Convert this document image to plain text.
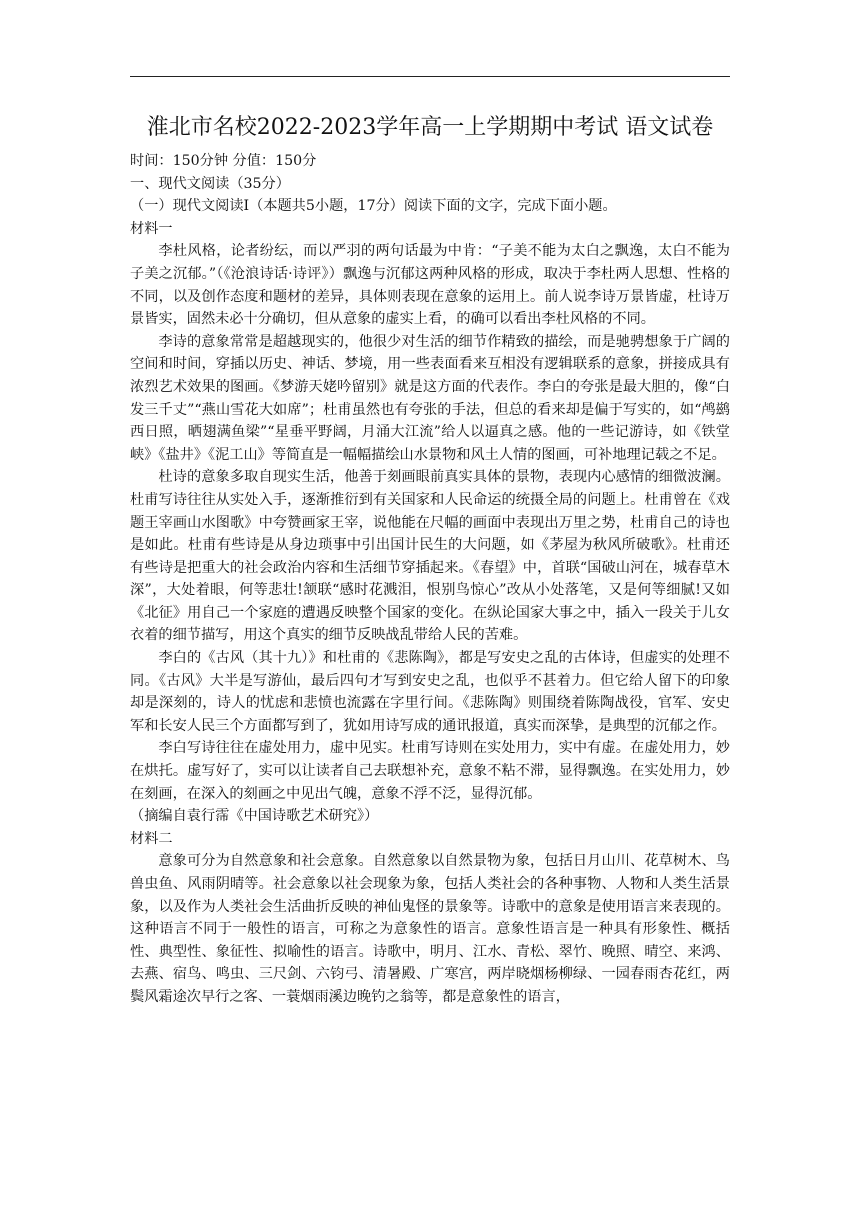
淮北市名校2022-2023学年高一上学期期中考试 语文试卷

时间：150分钟 分值：150分

一、现代文阅读（35分）

（一）现代文阅读Ⅰ（本题共5小题，17分）阅读下面的文字，完成下面小题。

材料一

李杜风格，论者纷纭，而以严羽的两句话最为中肯：“子美不能为太白之飘逸，太白不能为子美之沉郁。”（《沧浪诗话·诗评》）飘逸与沉郁这两种风格的形成，取决于李杜两人思想、性格的不同，以及创作态度和题材的差异，具体则表现在意象的运用上。前人说李诗万景皆虚，杜诗万景皆实，固然未必十分确切，但从意象的虚实上看，的确可以看出李杜风格的不同。

李诗的意象常常是超越现实的，他很少对生活的细节作精致的描绘，而是驰骋想象于广阔的空间和时间，穿插以历史、神话、梦境，用一些表面看来互相没有逻辑联系的意象，拼接成具有浓烈艺术效果的图画。《梦游天姥吟留别》就是这方面的代表作。李白的夸张是最大胆的，像“白发三千丈”“燕山雪花大如席”；杜甫虽然也有夸张的手法，但总的看来却是偏于写实的，如“鸬鹚西日照，晒翅满鱼梁”“星垂平野阔，月涌大江流”给人以逼真之感。他的一些记游诗，如《铁堂峡》《盐井》《泥工山》等简直是一幅幅描绘山水景物和风土人情的图画，可补地理记载之不足。

杜诗的意象多取自现实生活，他善于刻画眼前真实具体的景物，表现内心感情的细微波澜。杜甫写诗往往从实处入手，逐渐推衍到有关国家和人民命运的统摄全局的问题上。杜甫曾在《戏题王宰画山水图歌》中夸赞画家王宰，说他能在尺幅的画面中表现出万里之势，杜甫自己的诗也是如此。杜甫有些诗是从身边琐事中引出国计民生的大问题，如《茅屋为秋风所破歌》。杜甫还有些诗是把重大的社会政治内容和生活细节穿插起来。《春望》中，首联“国破山河在，城春草木深”，大处着眼，何等悲壮!颔联“感时花溅泪，恨别鸟惊心”改从小处落笔，又是何等细腻!又如《北征》用自己一个家庭的遭遇反映整个国家的变化。在纵论国家大事之中，插入一段关于儿女衣着的细节描写，用这个真实的细节反映战乱带给人民的苦难。

李白的《古风（其十九）》和杜甫的《悲陈陶》，都是写安史之乱的古体诗，但虚实的处理不同。《古风》大半是写游仙，最后四句才写到安史之乱，也似乎不甚着力。但它给人留下的印象却是深刻的，诗人的忧虑和悲愤也流露在字里行间。《悲陈陶》则围绕着陈陶战役，官军、安史军和长安人民三个方面都写到了，犹如用诗写成的通讯报道，真实而深挚，是典型的沉郁之作。

李白写诗往往在虚处用力，虚中见实。杜甫写诗则在实处用力，实中有虚。在虚处用力，妙在烘托。虚写好了，实可以让读者自己去联想补充，意象不粘不滞，显得飘逸。在实处用力，妙在刻画，在深入的刻画之中见出气魄，意象不浮不泛，显得沉郁。

（摘编自袁行霈《中国诗歌艺术研究》）

材料二

意象可分为自然意象和社会意象。自然意象以自然景物为象，包括日月山川、花草树木、鸟兽虫鱼、风雨阴晴等。社会意象以社会现象为象，包括人类社会的各种事物、人物和人类生活景象，以及作为人类社会生活曲折反映的神仙鬼怪的景象等。诗歌中的意象是使用语言来表现的。这种语言不同于一般性的语言，可称之为意象性的语言。意象性语言是一种具有形象性、概括性、典型性、象征性、拟喻性的语言。诗歌中，明月、江水、青松、翠竹、晚照、晴空、来鸿、去燕、宿鸟、鸣虫、三尺剑、六钧弓、清暑殿、广寒宫，两岸晓烟杨柳绿、一园春雨杏花红，两鬓风霜途次早行之客、一蓑烟雨溪边晚钓之翁等，都是意象性的语言，
